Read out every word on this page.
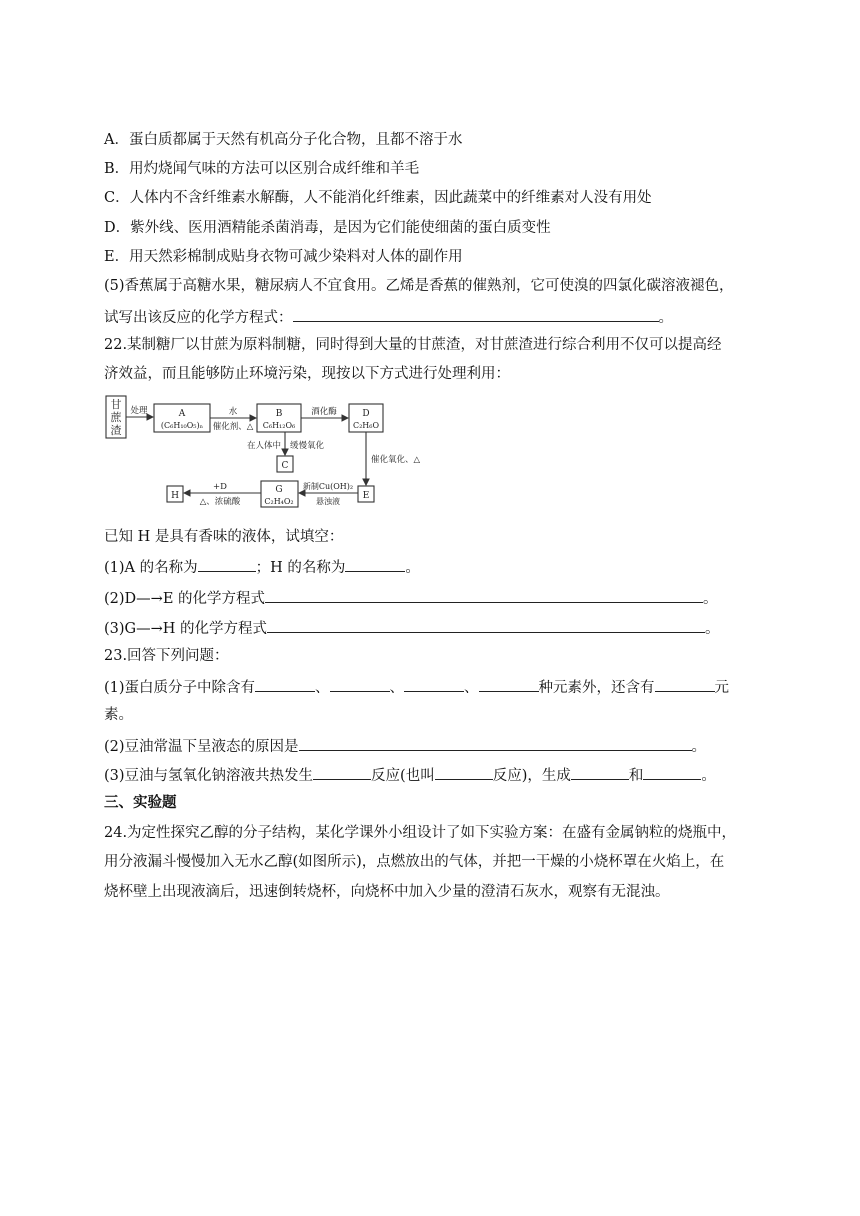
A．蛋白质都属于天然有机高分子化合物，且都不溶于水
B．用灼烧闻气味的方法可以区别合成纤维和羊毛
C．人体内不含纤维素水解酶，人不能消化纤维素，因此蔬菜中的纤维素对人没有用处
D．紫外线、医用酒精能杀菌消毒，是因为它们能使细菌的蛋白质变性
E．用天然彩棉制成贴身衣物可减少染料对人体的副作用
(5)香蕉属于高糖水果，糖尿病人不宜食用。乙烯是香蕉的催熟剂，它可使溴的四氯化碳溶液褪色，
试写出该反应的化学方程式：	。
22.某制糖厂以甘蔗为原料制糖，同时得到大量的甘蔗渣，对甘蔗渣进行综合利用不仅可以提高经
济效益，而且能够防止环境污染，现按以下方式进行处理利用：
甘
蔗
渣
处理	A
(C₆H₁₀O₅)ₙ
水
催化剂、△
B
C₆H₁₂O₆
酒化酶	D
C₂H₆O
在人体中 缓慢氧化
C
催化氧化、△
E
新制Cu(OH)₂
悬浊液
G
C₂H₄O₂
+D
△、浓硫酸
H
已知 H 是具有香味的液体，试填空：
(1)A 的名称为	；H 的名称为	。
(2)D—→E 的化学方程式	。
(3)G—→H 的化学方程式	。
23.回答下列问题：
(1)蛋白质分子中除含有	、	、	、	种元素外，还含有	元
素。
(2)豆油常温下呈液态的原因是	。
(3)豆油与氢氧化钠溶液共热发生	反应(也叫	反应)，生成	和	。
三、实验题
24.为定性探究乙醇的分子结构，某化学课外小组设计了如下实验方案：在盛有金属钠粒的烧瓶中，
用分液漏斗慢慢加入无水乙醇(如图所示)，点燃放出的气体，并把一干燥的小烧杯罩在火焰上，在
烧杯壁上出现液滴后，迅速倒转烧杯，向烧杯中加入少量的澄清石灰水，观察有无混浊。
